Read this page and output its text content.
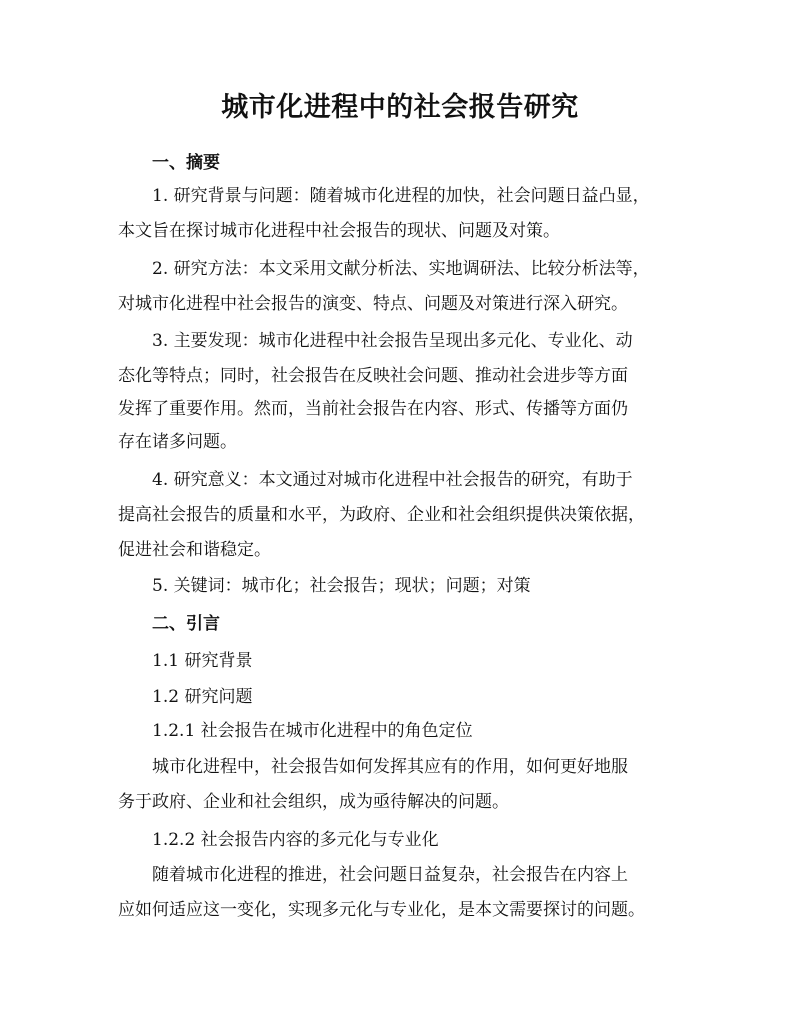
城市化进程中的社会报告研究
一、摘要
1. 研究背景与问题：随着城市化进程的加快，社会问题日益凸显，
本文旨在探讨城市化进程中社会报告的现状、问题及对策。
2. 研究方法：本文采用文献分析法、实地调研法、比较分析法等，
对城市化进程中社会报告的演变、特点、问题及对策进行深入研究。
3. 主要发现：城市化进程中社会报告呈现出多元化、专业化、动
态化等特点；同时，社会报告在反映社会问题、推动社会进步等方面
发挥了重要作用。然而，当前社会报告在内容、形式、传播等方面仍
存在诸多问题。
4. 研究意义：本文通过对城市化进程中社会报告的研究，有助于
提高社会报告的质量和水平，为政府、企业和社会组织提供决策依据，
促进社会和谐稳定。
5. 关键词：城市化；社会报告；现状；问题；对策
二、引言
1.1 研究背景
1.2 研究问题
1.2.1 社会报告在城市化进程中的角色定位
城市化进程中，社会报告如何发挥其应有的作用，如何更好地服
务于政府、企业和社会组织，成为亟待解决的问题。
1.2.2 社会报告内容的多元化与专业化
随着城市化进程的推进，社会问题日益复杂，社会报告在内容上
应如何适应这一变化，实现多元化与专业化，是本文需要探讨的问题。
